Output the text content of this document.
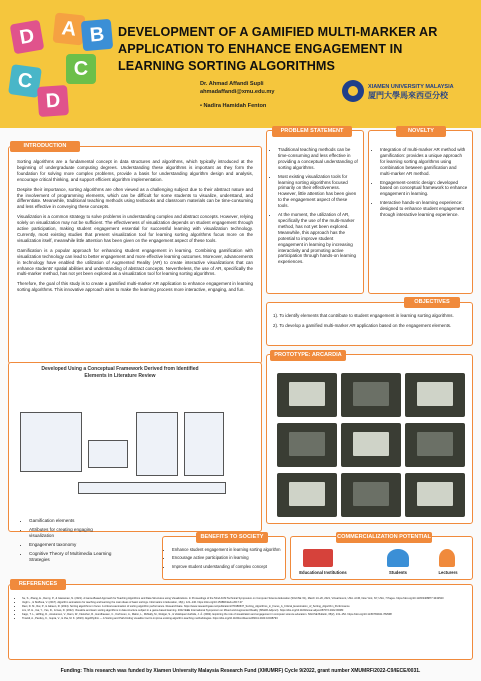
D	A B
C
C
D
DEVELOPMENT OF A GAMIFIED MULTI-MARKER AR APPLICATION TO ENHANCE ENGAGEMENT IN LEARNING SORTING ALGORITHMS
Dr. Ahmad Affandi Supli
ahmadaffandi@xmu.edu.my
• Nadira Hamidah Fenton
XIAMEN UNIVERSITY MALAYSIA
厦門大學馬來西亞分校

Sorting algorithms are a fundamental concept in data structures and algorithms, which typically introduced at the beginning of undergraduate computing degrees. Understanding these algorithms is important as they form the foundation for solving more complex problems, provide a basis for understanding algorithm design and analysis, encourage critical thinking, and support efficient algorithm implementation.

Despite their importance, sorting algorithms are often viewed as a challenging subject due to their abstract nature and the involvement of programming elements, which can be difficult for some students to visualize, understand, and differentiate. Meanwhile, traditional teaching methods using textbooks and classroom materials can be time-consuming and less effective in conveying these concepts.

Visualization is a common strategy to solve problems in understanding complex and abstract concepts. However, relying solely on visualization may not be sufficient. The effectiveness of visualization depends on student engagement through active participation, making student engagement essential for successful learning with visualization technology. Currently, most existing studies that present visualization tool for learning sorting algorithms focus more on the visualization itself, meanwhile little attention has been given on the engagement aspect of these tools.

Gamification is a popular approach for enhancing student engagement in learning. Combining gamification with visualization technology can lead to better engagement and more effective learning outcomes. Moreover, advancements in technology have enabled the utilization of Augmented Reality (AR) to create interactive visualizations that can enhance students' spatial abilities and understanding of abstract concepts. Nevertheless, the use of AR, specifically the multi-marker method, has not yet been explored as a visualization tool for learning sorting algorithms.

Therefore, the goal of this study is to create a gamified multi-marker AR application to enhance engagement in learning sorting algorithms. This innovative approach aims to make the learning process more interactive, engaging, and fun.

INTRODUCTION
• Traditional teaching methods can be time-consuming and less effective in providing a conceptual understanding of sorting algorithms.
• Most existing visualization tools for learning sorting algorithms focused primarily on their effectiveness. However, little attention has been given to the engagement aspect of these tools.
• At the moment, the utilization of AR, specifically the use of the multi-marker method, has not yet been explored. Meanwhile, this approach has the potential to improve student engagement in learning by increasing interactivity and promoting active participation through hands-on learning experiences.
PROBLEM STATEMENT
• Integration of multi-marker AR method with gamification: provides a unique approach for learning sorting algorithms using combination between gamification and multi-marker AR method.
• Engagement-centric design: developed based on conceptual framework to enhance engagement in learning.
• Interactive hands-on learning experience: designed to enhance student engagement through interactive learning experience.
NOVELTY

1). To identify elements that contribute to student engagement in learning sorting algorithms.

2). To develop a gamified multi-marker AR application based on the engagement elements.

OBJECTIVES
Developed Using a Conceptual Framework Derived from Identified Elements in Literature Review
• Gamification elements
• Attributes for creating engaging visualization
• Engagement taxonomy
• Cognitive Theory of Multimedia Learning Strategies
PROTOTYPE: ARCARDIA
• Enhance student engagement in learning sorting algorithm
• Encourage active participation in learning
• Improve student understanding of complex concept
BENEFITS TO SOCIETY
Educational Institutions	Students	Lecturers
COMMERCIALIZATION POTENTIAL
• Su, S., Zhang, E., Denny, P., & Giacaman, N. (2021). A Game-Based Approach for Teaching Algorithms and Data Structures using Visualizations. In Proceedings of the 52nd ACM Technical Symposium on Computer Science Education (SIGCSE '21), March 13–20, 2021, Virtual Event, USA. ACM, New York, NY, USA, 7 Pages. https://doi.org/10.1145/3408877.3432520
• Vegh L., & Stoffova, V. (2017). Algorithm animations for teaching and learning the main ideas of basic sortings. Informatics in Education, 16(1), 121–140. https://doi.org/10.15388/infedu.2017.07
• Rani, D. M., Rai, P., & Jabeen, R. (2024). Sorting algorithms in focus: A critical examination of sorting algorithm performance. ResearchGate. https://www.researchgate.net/publication/379180637_Sorting_Algorithms_in_Focus_A_Critical_Examination_of_Sorting_Algorithm_Performance
• Lim, M. H., Cai, Y., Yao, D., & Gao, D. (2022). Visualize and learn sorting algorithms in data structure subject in a game-based learning. 2022 IEEE International Symposium on Mixed and Augmented Reality (ISMAR-Adjunct). https://doi.org/10.1109/ismar-adjunct57072.2022.00083
• Kapp, T. L., Höfling, D., Amelunxen, V., Dann, W., Fleischer, R., Hundhausen, C., Korhonen, A., Malmi, L., McNally, M., Rodger, S., & Velázquez-Iturbide, J. Á. (2002). Exploring the role of visualization and engagement in computer science education. SIGCSE Bulletin, 35(2), 131–152. https://doi.org/10.1145/782941.782998
• Tinwidi, A., Pandey, K., Gupta, V., & Jha, M. K. (2023). AlgoRhythm — A Sorting and Path-finding visualizer tool to improve existing algorithm teaching methodologies. https://doi.org/10.1109/confluence56041.2023.10048793
REFERENCES
Funding: This research was funded by Xiamen University Malaysia Research Fund (XMUMRF) Cycle 9/2022, grant number XMUMRF/2022-C9/IECE/0031.
